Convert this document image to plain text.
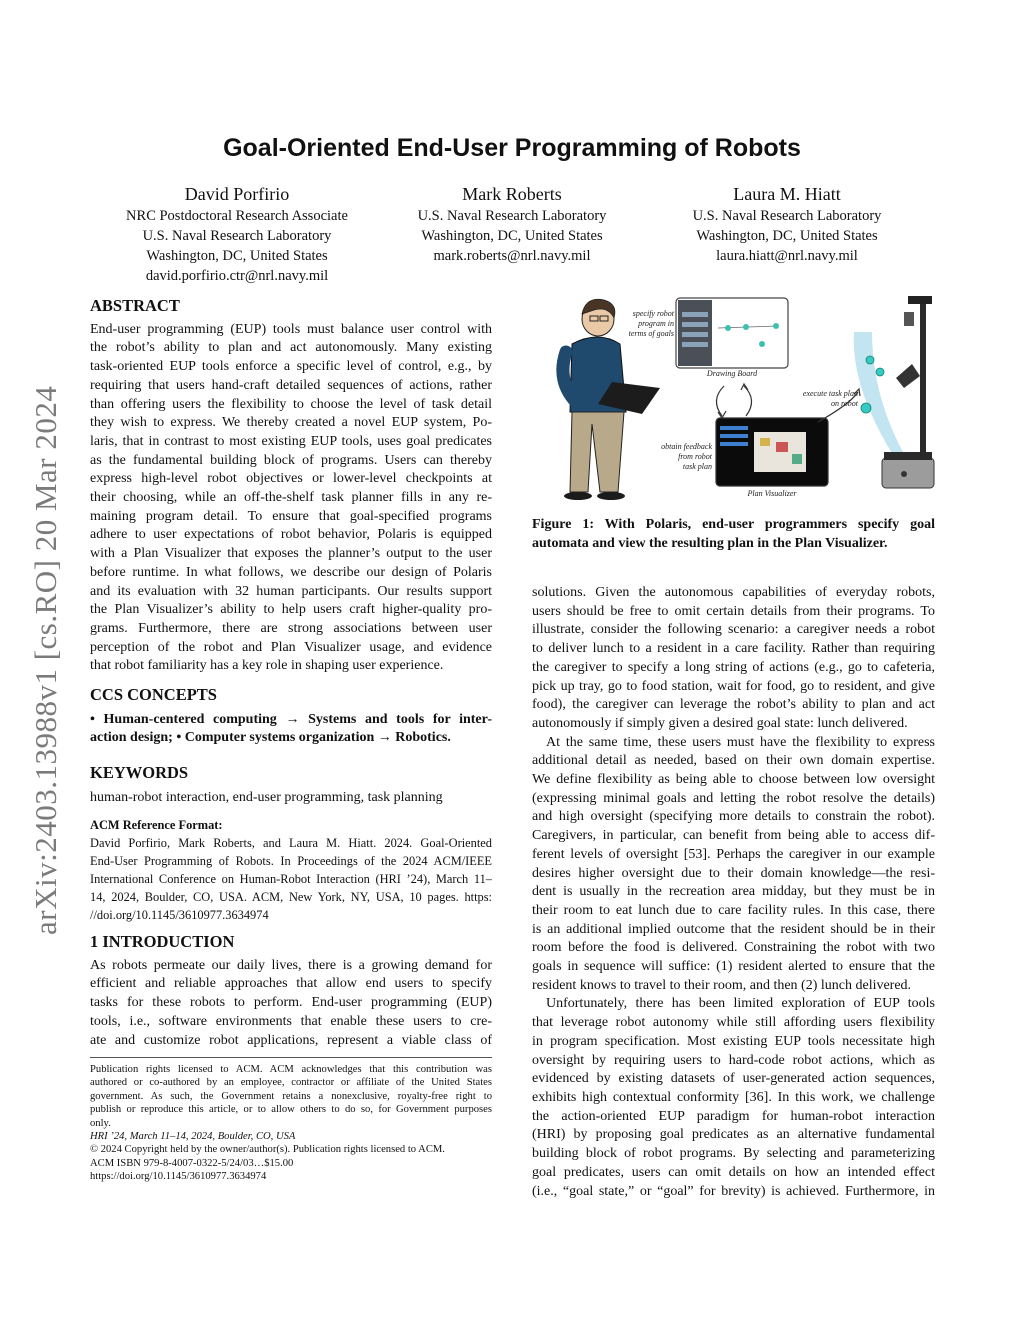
arXiv:2403.13988v1 [cs.RO] 20 Mar 2024
Goal-Oriented End-User Programming of Robots
David Porfirio
NRC Postdoctoral Research Associate
U.S. Naval Research Laboratory
Washington, DC, United States
david.porfirio.ctr@nrl.navy.mil
Mark Roberts
U.S. Naval Research Laboratory
Washington, DC, United States
mark.roberts@nrl.navy.mil
Laura M. Hiatt
U.S. Naval Research Laboratory
Washington, DC, United States
laura.hiatt@nrl.navy.mil
ABSTRACT
End-user programming (EUP) tools must balance user control with
the robot’s ability to plan and act autonomously. Many existing
task-oriented EUP tools enforce a specific level of control, e.g., by
requiring that users hand-craft detailed sequences of actions, rather
than offering users the flexibility to choose the level of task detail
they wish to express. We thereby created a novel EUP system, Po-
laris, that in contrast to most existing EUP tools, uses goal predicates
as the fundamental building block of programs. Users can thereby
express high-level robot objectives or lower-level checkpoints at
their choosing, while an off-the-shelf task planner fills in any re-
maining program detail. To ensure that goal-specified programs
adhere to user expectations of robot behavior, Polaris is equipped
with a Plan Visualizer that exposes the planner’s output to the user
before runtime. In what follows, we describe our design of Polaris
and its evaluation with 32 human participants. Our results support
the Plan Visualizer’s ability to help users craft higher-quality pro-
grams. Furthermore, there are strong associations between user
perception of the robot and Plan Visualizer usage, and evidence
that robot familiarity has a key role in shaping user experience.
CCS CONCEPTS
• Human-centered computing → Systems and tools for inter-
action design; • Computer systems organization → Robotics.
KEYWORDS
human-robot interaction, end-user programming, task planning
ACM Reference Format:
David Porfirio, Mark Roberts, and Laura M. Hiatt. 2024. Goal-Oriented
End-User Programming of Robots. In Proceedings of the 2024 ACM/IEEE
International Conference on Human-Robot Interaction (HRI ’24), March 11–
14, 2024, Boulder, CO, USA. ACM, New York, NY, USA, 10 pages. https:
//doi.org/10.1145/3610977.3634974
1 INTRODUCTION
As robots permeate our daily lives, there is a growing demand for
efficient and reliable approaches that allow end users to specify
tasks for these robots to perform. End-user programming (EUP)
tools, i.e., software environments that enable these users to cre-
ate and customize robot applications, represent a viable class of
Publication rights licensed to ACM. ACM acknowledges that this contribution was
authored or co-authored by an employee, contractor or affiliate of the United States
government. As such, the Government retains a nonexclusive, royalty-free right to
publish or reproduce this article, or to allow others to do so, for Government purposes
only.
HRI ’24, March 11–14, 2024, Boulder, CO, USA
© 2024 Copyright held by the owner/author(s). Publication rights licensed to ACM.
ACM ISBN 979-8-4007-0322-5/24/03…$15.00
https://doi.org/10.1145/3610977.3634974
specify robot
program in
terms of goals
Drawing Board
obtain feedback
from robot
task plan
Plan Visualizer
execute task plan
on robot
Figure 1: With Polaris, end-user programmers specify goal
automata and view the resulting plan in the Plan Visualizer.
solutions. Given the autonomous capabilities of everyday robots,
users should be free to omit certain details from their programs. To
illustrate, consider the following scenario: a caregiver needs a robot
to deliver lunch to a resident in a care facility. Rather than requiring
the caregiver to specify a long string of actions (e.g., go to cafeteria,
pick up tray, go to food station, wait for food, go to resident, and give
food), the caregiver can leverage the robot’s ability to plan and act
autonomously if simply given a desired goal state: lunch delivered.
At the same time, these users must have the flexibility to express
additional detail as needed, based on their own domain expertise.
We define flexibility as being able to choose between low oversight
(expressing minimal goals and letting the robot resolve the details)
and high oversight (specifying more details to constrain the robot).
Caregivers, in particular, can benefit from being able to access dif-
ferent levels of oversight [53]. Perhaps the caregiver in our example
desires higher oversight due to their domain knowledge—the resi-
dent is usually in the recreation area midday, but they must be in
their room to eat lunch due to care facility rules. In this case, there
is an additional implied outcome that the resident should be in their
room before the food is delivered. Constraining the robot with two
goals in sequence will suffice: (1) resident alerted to ensure that the
resident knows to travel to their room, and then (2) lunch delivered.
Unfortunately, there has been limited exploration of EUP tools
that leverage robot autonomy while still affording users flexibility
in program specification. Most existing EUP tools necessitate high
oversight by requiring users to hard-code robot actions, which as
evidenced by existing datasets of user-generated action sequences,
exhibits high contextual conformity [36]. In this work, we challenge
the action-oriented EUP paradigm for human-robot interaction
(HRI) by proposing goal predicates as an alternative fundamental
building block of robot programs. By selecting and parameterizing
goal predicates, users can omit details on how an intended effect
(i.e., “goal state,” or “goal” for brevity) is achieved. Furthermore, in
